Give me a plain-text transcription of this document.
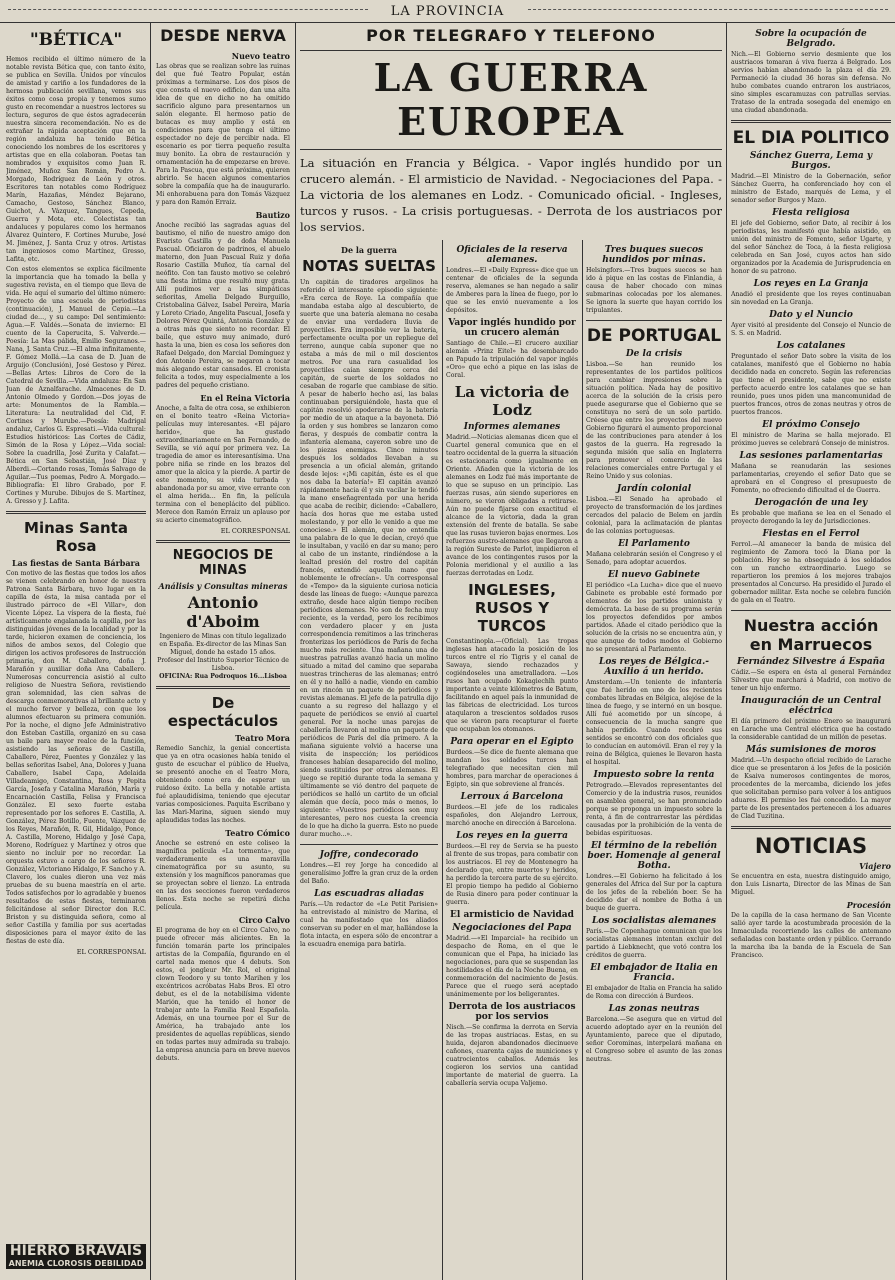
LA PROVINCIA
"BÉTICA"

Hemos recibido el último número de la notable revista Bética que, con tanto éxito, se publica en Sevilla. Unidos por vínculos de amistad y cariño a los fundadores de la hermosa publicación sevillana, vemos sus éxitos como cosa propia y tenemos sumo gusto en recomendar a nuestros lectores su lectura, seguros de que éstos agradecerán nuestra sincera recomendación. No es de extrañar la rápida aceptación que en la región andaluza ha tenido Bética conociendo los nombres de los escritores y artistas que en ella colaboran. Poetas tan nombrados y exquisitos como Juan R. Jiménez, Muñoz San Román, Pedro A. Morgado, Rodríguez de León y otros. Escritores tan notables como Rodríguez Marín, Hazañas, Méndez Bejarano, Camacho, Gestoso, Sánchez Blanco, Guichot, A. Vázquez, Tangues, Cepeda, Guerra y Mota, etc. Colectistas tan andaluces y populares como los hermanos Álvarez Quintero, F. Cortines Murube, José M. Jiménez, J. Santa Cruz y otros. Artistas tan ingeniosos como Martínez, Gresso, Lafita, etc.

Con estos elementos se explica fácilmente la importancia que ha tomado la bella y sugestiva revista, en el tiempo que lleva de vida. He aquí el sumario del último número: Proyecto de una escuela de periodistas (continuación), J. Manuel de Cepia.—La ciudad de…, y su campo: Del sentimiento: Agua.—F. Valdés.—Sonata de invierno: El cuento de la Caperucita, S. Valverde.—Poesía: La Mas pálida, Emilio Seguranos.—Nana, J. Santa Cruz.—El alma infinitamente, F. Gómez Mollá.—La casa de D. Juan de Arguijo (Conclusión), José Gestoso y Pérez.—Bellas Artes: Libros de Coro de la Catedral de Sevilla.—Vida andaluza: En San Juan de Aznalfarache. Almacenes de D. Antonio Olmedo y Gordon.—Dos joyas de arte: Monumentos de la Rambla.—Literatura: La neutralidad del Cid, F. Cortines y Murube.—Poesía: Madrigal andaluz, Carlos G. Espresati.—Vida cultural: Estudios históricos: Las Cortes de Cádiz, Simón de la Rosa y López.—Vida social: Sobre la cuadrilla, José Zurita y Calafat.—Bética en San Sebastián, José Díaz y Alberdi.—Cortando rosas, Tomás Salvago de Aguilar.—Tus poemas, Pedro A. Morgado.—Bibliografía: El libro Grabado, por F. Cortines y Murube. Dibujos de S. Martínez, A. Gresso y J. Lafita.

Minas Santa Rosa
Las fiestas de Santa Bárbara

Con motivo de las fiestas que todos los años se vienen celebrando en honor de nuestra Patrona Santa Bárbara, tuvo lugar en la capilla de ésta, la misa cantada por el ilustrado párroco de «El Villar», don Vicente López. La víspera de la fiesta, fué artísticamente engalanada la capilla, por las distinguidas jóvenes de la localidad y por la tarde, hicieron examen de conciencia, los niños de ambos sexos, del Colegio que dirigen los activos profesores de Instrucción primaria, don M. Caballero, doña J. Marañón y auxiliar doña Ana Caballero. Numerosas concurrencia asistió al culto religioso de Nuestra Señora, revistiendo gran solemnidad, las cien salvas de descarga conmemorativas al brillante acto y el mucho fervor y belleza, con que los alumnos efectuaron su primera comunión. Por la noche, el digno Jefe Administrativo don Esteban Castilla, organizó en su casa un baile para mayor realce de la función, asistiendo las señoras de Castilla, Caballero, Pérez, Fuentes y González y las bellas señoritas Isabel, Ana, Dolores y Juana Caballero, Isabel Capa, Adelaida Villadeamigo, Constantina, Rosa y Pepita García, Josefa y Catalina Marañón, María y Encarnación Castilla, Felisa y Francisca González. El sexo fuerte estaba representado por los señores E. Castilla, A. González, Pérez Botillo, Fuente, Vázquez de los Reyes, Marañón, R. Gil, Hidalgo, Ponce, A. Castilla, Moreno, Hidalgo y José Capa, Moreno, Rodríguez y Martínez y otros que siento no incluir por no recordar. La orquesta estuvo a cargo de los señores R. González, Victoriano Hidalgo, F. Sancho y A. Clavero, los cuales dieron una vez más pruebas de su buena maestría en el arte. Todos satisfechos por lo agradable y buenos resultados de estas fiestas, terminaron felicitándose al señor Director don R.C. Briston y su distinguida señora, como al señor Castilla y familia por sus acertadas disposiciones para el mayor éxito de las fiestas de este día.

EL CORRESPONSAL
HIERRO BRAVAIS
ANEMIA CLOROSIS DEBILIDAD
DESDE NERVA
Nuevo teatro

Las obras que se realizan sobre las ruinas del que fué Teatro Popular, están próximas a terminarse. Los dos pisos de que consta el nuevo edificio, dan una alta idea de que en dicho no ha omitido sacrificio alguno para presentarnos un salón elegante. El hermoso patio de butacas es muy amplio y está en condiciones para que tenga el último espectador no deje de percibir nada. El escenario es por tierra pequeño resulta muy bonito. La obra de restauración y ornamentación ha de empezarse en breve. Para la Pascua, que está próxima, quieren abrirlo. Se hacen algunos comentarios sobre la compañía que ha de inaugurarlo. Mi enhorabuena para don Tomás Vázquez y para don Ramón Erraiz.

Bautizo

Anoche recibió las sagradas aguas del bautismo, el niño de nuestro amigo don Evaristo Castilla y de doña Manuela Pascual. Oficiaron de padrinos, el abuelo materno, don Juan Pascual Ruiz y doña Rosario Castilla Muñoz, tía carnal del neófito. Con tan fausto motivo se celebró una fiesta íntima que resultó muy grata. Allí pudimos ver a las simpáticas señoritas, Amelia Delgado Burguillo, Cristobalina Gálvez, Isabel Pereira, María y Loreto Criado, Angelita Pascual, Josefa y Dolores Pérez Quintá, Antonia González y a otras más que siento no recordar. El baile, que estuvo muy animado, duró hasta la una, bien es cosa los señores don Rafael Delgado, don Marcial Domínguez y don Antonio Pereira, se negaron a tocar más alegando estar cansados. El cronista felicita a todos, muy especialmente a los padres del pequeño cristiano.

En el Reina Victoria

Anoche, a falta de otra cosa, se exhibieron en el bonito teatro «Reina Victoria» películas muy interesantes. «El pájaro herido», que ha gustado extraordinariamente en San Fernando, de Sevilla, se vió aquí por primera vez. La tragedia de amor es interesantísima. Una pobre niña se rinde en los brazos del amor que la alcica y la pierde. A partir de este momento, su vida turbada y abandonada por su amor, vive errante con el alma herida... En fin, la película termina con el beneplácito del público. Merece don Ramón Erraiz un aplauso por su acierto cinematográfico.

EL CORRESPONSAL
NEGOCIOS DE MINAS
Análisis y Consultas mineras
Antonio d'Aboim

Ingeniero de Minas con título legalizado en España. Ex-director de las Minas San Miguel, donde ha estado 15 años. Profesor del Instituto Superior Técnico de Lisboa.

OFICINA: Rua Podroquos 16...Lisboa
De espectáculos
Teatro Mora

Remedio Sanchiz, la genial concertista que ya en otra ocasiones había tenido el gusto de escuchar el público de Huelva, se presentó anoche en el Teatro Mora, obteniendo como era de esperar un ruidoso éxito. La bella y notable artista fué aplaudidísima, teniendo que ejecutar varias composiciones. Paquita Escribano y las Mari-Marina, siguen siendo muy aplaudidas todas las noches.

Teatro Cómico

Anoche se estrenó en este coliseo la magnífica película «La tormenta», que verdaderamente es una maravilla cinematográfica por su asunto, su extensión y los magníficos panoramas que se proyectan sobre el lienzo. La entrada en las dos secciones fueron verdaderos llenos. Esta noche se repetirá dicha película.

Circo Calvo

El programa de hoy en el Circo Calvo, no puede ofrecer más alicientes. En la función tomarán parte los principales artistas de la Compañía, figurando en el cartel nada menos que 4 debuts. Son estos, el jongleur Mr. Rol, el original clown Teodoro y su tonto Marihen y los excéntricos acróbatas Habs Bros. El otro debut, es el de la notabilísima vidente Marión, que ha tenido el honor de trabajar ante la Familia Real Española. Además, en una tournee por el Sur de América, ha trabajado ante los presidentes de aquellas repúblicas, siendo en todas partes muy admirada su trabajo. La empresa anuncia para en breve nuevos debuts.

POR TELEGRAFO Y TELEFONO
LA GUERRA EUROPEA

La situación en Francia y Bélgica. - Vapor inglés hundido por un crucero alemán. - El armisticio de Navidad. - Negociaciones del Papa. - La victoria de los alemanes en Lodz. - Comunicado oficial. - Ingleses, turcos y rusos. - La crisis portuguesas. - Derrota de los austriacos por los servios.

De la guerra
NOTAS SUELTAS

Un capitán de tiradores argelinos ha referido el interesante episodio siguiente: «Era cerca de Roye. La compañía que mandaba estaba algo al descubierto, de suerte que una batería alemana no cesaba de enviar una verdadera lluvia de proyectiles. Era imposible ver la batería, perfectamente oculta por un repliegue del terreno, aunque cabía suponer que no estaba a más de mil o mil doscientos metros. Por una rara casualidad los proyectiles caían siempre cerca del capitán, de suerte de los soldados no cesaban de rogarle que cambiase de sitio. A pesar de haberlo hecho así, las balas continuaban persiguiéndole, hasta que el capitán resolvió apoderarse de la batería por medio de un ataque a la bayoneta. Dió la orden y sus hombres se lanzaron como fieras, y después de combatir contra la infantería alemana, cayeron sobre uno de los piezas enemigas. Cinco minutos después los soldados llevaban a su presencia a un oficial alemán, gritando desde lejos: «¡Mi capitán, éste es el que nos daba la batería!» El capitán avanzó rápidamente hacia él y sin vacilar le tendió la mano enseñagrentada por una herida que acaba de recibir, diciendo: «Caballero, hacía dos horas que me estaba usted molestando, y por ello le venido a que me conociese.» El alemán, que no entendía una palabra de lo que le decían, creyó que le insultaban, y vaciló en dar su mano; pero al cabo de un instante, rindiéndose a la lealtad presión del rostro del capitán francés, extendió aquella mano que noblemente le ofrecían». Un corresponsal de «Tempo» da la siguiente curiosa noticia desde las líneas de fuego: «Aunque parezca extraño, desde hace algún tiempo reciben periódicos alemanes. No son de fecha muy reciente, es la verdad, pero los recibimos con verdadero placer y en justa correspondencia remitimos a las trincheras fronterizas los periódicos de París de fecha mucho más reciente. Una mañana una de nuestras patrullas avanzó hacia un molino situado a mitad del camino que separaba nuestras trincheras de las alemanas; entró en él y no halló a nadie, viendo en cambio en un rincón un paquete de periódicos y revistas alemanas. El jefe de la patrulla dijo cuanto a su regreso del hallazgo y el paquete de periódicos se envió al cuartel general. Por la noche unas parejas de caballería llevaron al molino un paquete de periódicos de París del día primero. A la mañana siguiente volvió a hacerse una visita de inspección; los periódicos franceses habían desaparecido del molino, siendo sustituidos por otros alemanes. El juego se repitió durante toda la semana y últimamente se vió dentro del paquete de periódicos se halló un cartito de un oficial alemán que decía, poco más o menos, lo siguiente: «Vuestros periódicos son muy interesantes, pero nos cuesta la creencia de lo que ha dicho la guerra. Esto no puede durar mucho...».

Joffre, condecorado

Londres.—El rey Jorge ha concedido al generalísimo Joffre la gran cruz de la orden del Baño.

Las escuadras aliadas

París.—Un redactor de «Le Petit Parisien» ha entrevistado al ministro de Marina, el cual ha manifestado que los aliados conservan su poder en el mar, hallándose la flota intacta, en espera sólo de encontrar a la escuadra enemiga para batirla.

Oficiales de la reserva alemanes.

Londres.—El «Daily Express» dice que un centenar de oficiales de la segunda reserva, alemanes se han negado a salir de Amberes para la línea de fuego, por lo que se les envió nuevamente a los depósitos.

Vapor inglés hundido por un crucero alemán

Santiago de Chile.—El crucero auxiliar alemán «Prinz Eitel» ha desembarcado en Papudo la tripulación del vapor inglés «Oro» que echó a pique en las islas de Coral.

La victoria de Lodz
Informes alemanes

Madrid.—Noticias alemanas dicen que el Cuartel general comunica que en el teatro occidental de la guerra la situación es estacionaria como igualmente en Oriente. Añaden que la victoria de los alemanes en Lodz fué más importante de lo que se supuso en un principio. Las fuerzas rusas, aún siendo superiores en número, se vieron obligadas a retirarse. Aún no puede fijarse con exactitud el alcance de la victoria, dada la gran extensión del frente de batalla. Se sabe que las rusas tuvieron bajas enormes. Los refuerzos austro-alemanes que llegaron a la región Sureste de Parlot, impidieron el avance de los contingentes rusos por la Polonia meridional y el auxilio a las fuerzas derrotadas en Lodz.

INGLESES, RUSOS Y TURCOS

Constantinopla.—(Oficial). Las tropas inglesas han atacado la posición de los turcos entre el río Tigris y el canal de Sawaya, siendo rechazados y cogiéndoseles una ametralladora. —Los rusos han ocupado Kokagiechlh punto importante a veinte kilómetros de Batum, facilitando en aquel país la inmunidad de las fábricas de electricidad. Los turcos ataqularon a trescientos soldados rusos que se vieron para recapturar el fuerte que ocupaban los otomanos.

Para operar en el Egipto

Burdeos.—Se dice de fuente alemana que mandan los soldados turcos han telegrafiado que necesitan cien mil hombres, para marchar de operaciones á Egipto, sin que sobreviene al francés.

Lerroux á Barcelona

Burdeos.—El jefe de los radicales españoles, don Alejandro Lerroux, marchó anoche en dirección á Barcelona.

Los reyes en la guerra

Burdeos.—El rey de Servia se ha puesto al frente de sus tropas, para combatir con los austriacos. El rey de Montenegro ha declarado que, entre muertos y heridos, ha perdido la tercera parte de su ejército. El propio tiempo ha pedido al Gobierno de Rusia dinero para poder continuar la guerra.

El armisticio de Navidad
Negociaciones del Papa

Madrid.—«El Imparcial» ha recibido un despacho de Roma, en el que le comunican que el Papa, ha iniciado las negociaciones, para que se suspendan las hostilidades el día de la Noche Buena, en conmemoración del nacimiento de Jesús. Parece que el ruego será aceptado unánimemente por los beligerantes.

Derrota de los austriacos por los servios

Nisch.—Se confirma la derrota en Servia de las tropas austriacas. Estas, en su huida, dejaron abandonados diecinueve cañones, cuarenta cajas de municiones y cuatrocientos caballos. Además les cogieron los servios una cantidad importante de material de guerra. La caballería servia ocupa Valjemo.

Tres buques suecos hundidos por minas.

Helsingfors.—Tres buques suecos se han ido á pique en las costas de Finlandia, á causa de haber chocado con minas submarinas colocadas por los alemanes. Se ignora la suerte que hayan corrido los tripulantes.

DE PORTUGAL
De la crisis

Lisboa.—Se han reunido los representantes de los partidos políticos para cambiar impresiones sobre la situación política. Nada hay de positivo acerca de la solución de la crisis pero puede asegurarse que el Gobierno que se constituya no será de un solo partido. Créese que entre los proyectos del nuevo Gobierno figurará el aumento proporcional de las contribuciones para atender á los gastos de la guerra. Ha regresado la segunda misión que salía en Inglaterra para promover el comercio de las relaciones comerciales entre Portugal y el Reino Unido y sus colonias.

Jardín colonial

Lisboa.—El Senado ha aprobado el proyecto de transformación de los jardines cercados del palacio de Belem en jardín colonial, para la aclimatación de plantas de las colonias portuguesas.

El Parlamento

Mañana celebrarán sesión el Congreso y el Senado, para adoptar acuerdos.

El nuevo Gabinete

El periódico «La Lucha» dice que el nuevo Gabinete es probable esté formado por elementos de los partidos unionista y demócrata. La base de su programa serán los proyectos defendidos por ambos partidos. Añade el citado periódico que la solución de la crisis no se encuentra aún, y que aunque de todos modos el Gobierno no se presentará al Parlamento.

Los reyes de Bélgica.-Auxilio á un herido.

Amsterdam.—Un teniente de infantería que fué herido en uno de los recientes combates libradas en Bélgica, alejóse de la línea de fuego, y se internó en un bosque. Allí fué acometido por un síncope, á consecuencia de la mucha sangre que había perdido. Cuando recobró sus sentidos se encontró con dos oficiales que lo conducían en automóvil. Eran el rey y la reina de Bélgica, quienes le llevaron hasta el hospital.

Impuesto sobre la renta

Petrogrado.—Elevados representantes del Comercio y de la industria rusos, reunidos en asamblea general, se han pronunciado porque se proponga un impuesto sobre la renta, á fin de contrarrestar las pérdidas causadas por la prohibición de la venta de bebidas espirituosas.

El término de la rebelión boer. Homenaje al general Botha.

Londres.—El Gobierno ha felicitado á los generales del África del Sur por la captura de los jefes de la rebelión boer. Se ha decidido dar el nombre de Botha á un buque de guerra.

Los socialistas alemanes

París.—De Copenhague comunican que los socialistas alemanes intentan excluir del partido á Liebknecht, que votó contra los créditos de guerra.

El embajador de Italia en Francia.

El embajador de Italia en Francia ha salido de Roma con dirección á Burdeos.

Las zonas neutras

Barcelona.—Se asegura que en virtud del acuerdo adoptado ayer en la reunión del Ayuntamiento, parece que el diputado, señor Corominas, interpelará mañana en el Congreso sobre el asunto de las zonas neutras.

Sobre la ocupación de Belgrado.

Nich.—El Gobierno servio desmiente que los austriacos tomaran á viva fuerza á Belgrado. Los servios habían abandonado la plaza el día 29. Permaneció la ciudad 36 horas sin defensa. No hubo combates cuando entraron los austriacos, sino simples escaramuzas con patrullas servias. Trataso de la entrada sosegada del enemigo en una ciudad abandonada.

EL DIA POLITICO
Sánchez Guerra, Lema y Burgos.

Madrid.—El Ministro de la Gobernación, señor Sánchez Guerra, ha conferenciado hoy con el ministro de Estado, marqués de Lema, y el senador señor Burgos y Mazo.

Fiesta religiosa

El jefe del Gobierno, señor Dato, al recibir á los periodistas, les manifestó que había asistido, en unión del ministro de Fomento, señor Ugarte, y del señor Sánchez de Toca, á la fiesta religiosa celebrada en San José, cuyos actos han sido organizados por la Academia de Jurisprudencia en honor de su patrono.

Los reyes en La Granja

Anadió el presidente que los reyes continuaban sin novedad en La Granja.

Dato y el Nuncio

Ayer visitó al presidente del Consejo el Nuncio de S. S. en Madrid.

Los catalanes

Preguntado el señor Dato sobre la visita de los catalanes, manifestó que el Gobierno no había decidido nada en concreto. Según las referencias que tiene el presidente, sabe que no existe perfecto acuerdo entre los catalanes que se han reunido, pues unos piden una mancomunidad de puertos francos, otros de zonas neutras y otros de puertos francos.

El próximo Consejo

El ministro de Marina se halla mejorado. El próximo jueves se celebrará Consejo de ministros.

Las sesiones parlamentarias

Mañana se reanudarán las sesiones parlamentarias, creyendo el señor Dato que se aprobará en el Congreso el presupuesto de Fomento, no ofreciendo dificultad el de Guerra.

Derogación de una ley

Es probable que mañana se lea en el Senado el proyecto derogando la ley de Jurisdicciones.

Fiestas en el Ferrol

Ferrol.—Al amanecer la banda de música del regimiento de Zamora tocó la Diana por la población. Hoy se ha obsequiado á los soldados con un rancho extraordinario. Luego se repartieron los premios á los mejores trabajos presentados al Concurso. Ha presidido el Jurado el gobernador militar. Esta noche se celebra función de gala en el Teatro.

Nuestra acción en Marruecos
Fernández Silvestre á España

Cádiz.—Se espera en ésta al general Fernández Silvestre que marchará á Madrid, con motivo de tener un hijo enfermo.

Inauguración de un Central eléctrica

El día primero del próximo Enero se inaugurará en Larache una Central eléctrica que ha costado la considerable cantidad de un millón de pesetas.

Más sumisiones de moros

Madrid.—Un despacho oficial recibido de Larache dice que se presentaron á los Jefes de la posición de Ksaiva numerosos contingentes de moros, procedentes de la mercamba, diciendo los jefes que solicitaban permiso para volver á los antiguos aduares. El permiso les fué concedido. La mayor parte de los presentados pertenecen á los aduares de Clad Tuzitina.

NOTICIAS
Viajero

Se encuentra en esta, nuestra distinguido amigo, don Luis Lisnarta, Director de las Minas de San Miguel.

Procesión

De la capilla de la casa hermano de San Vicente salió ayer tarde la acostumbrada procesión de la Inmaculada recorriendo las calles de antemano señaladas con bastante orden y público. Cerrando la marcha iba la banda de la Escuela de San Francisco.
